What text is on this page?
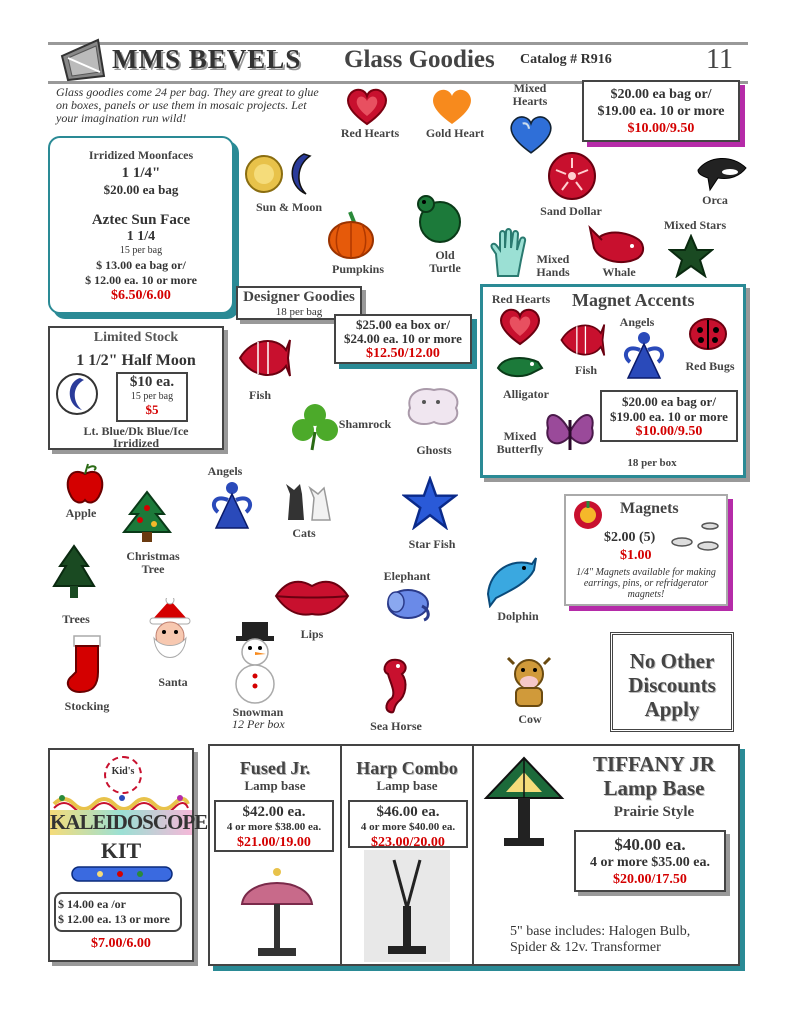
MMS BEVELS Glass Goodies Catalog # R916	11
Glass goodies come 24 per bag. They are great to glue on boxes, panels or use them in mosaic projects. Let your imagination run wild!
$20.00 ea bag or/
$19.00 ea. 10 or more
$10.00/9.50
Red Hearts	Gold Heart
Mixed Hearts
Irridized Moonfaces
1 1/4"
$20.00 ea bag
Aztec Sun Face
1 1/4
15 per bag
$ 13.00 ea bag or/
$ 12.00 ea. 10 or more
$6.50/6.00
Sun & Moon
Pumpkins
Old Turtle
Mixed Hands
Sand Dollar
Orca
Whale
Mixed Stars
Designer Goodies
18 per bag
$25.00 ea box or/
$24.00 ea. 10 or more
$12.50/12.00
Limited Stock
1 1/2" Half Moon
$10 ea.
15 per bag
$5
Lt. Blue/Dk Blue/Ice
Irridized
Fish
Shamrock
Ghosts
Magnet Accents
Red Hearts
Angels
Fish	Red Bugs
Alligator
Mixed Butterfly
$20.00 ea bag or/
$19.00 ea. 10 or more
$10.00/9.50
18 per box
Magnets
$2.00 (5)
$1.00
1/4" Magnets available for making earrings, pins, or refridgerator magnets!
Angels
Cats
Star Fish
Apple
Christmas Tree
Trees
Elephant
Dolphin
Lips
Santa
Stocking	Snowman
12 Per box	Sea Horse	Cow
No Other Discounts Apply
Kid's
KALEIDOSCOPE
KIT
$ 14.00 ea /or
$ 12.00 ea. 13 or more
$7.00/6.00
Fused Jr.
Lamp base
$42.00 ea.
4 or more $38.00 ea.
$21.00/19.00
Harp Combo
Lamp base
$46.00 ea.
4 or more $40.00 ea.
$23.00/20.00
TIFFANY JR
Lamp Base
Prairie Style
$40.00 ea.
4 or more $35.00 ea.
$20.00/17.50
5" base includes: Halogen Bulb, Spider & 12v. Transformer
